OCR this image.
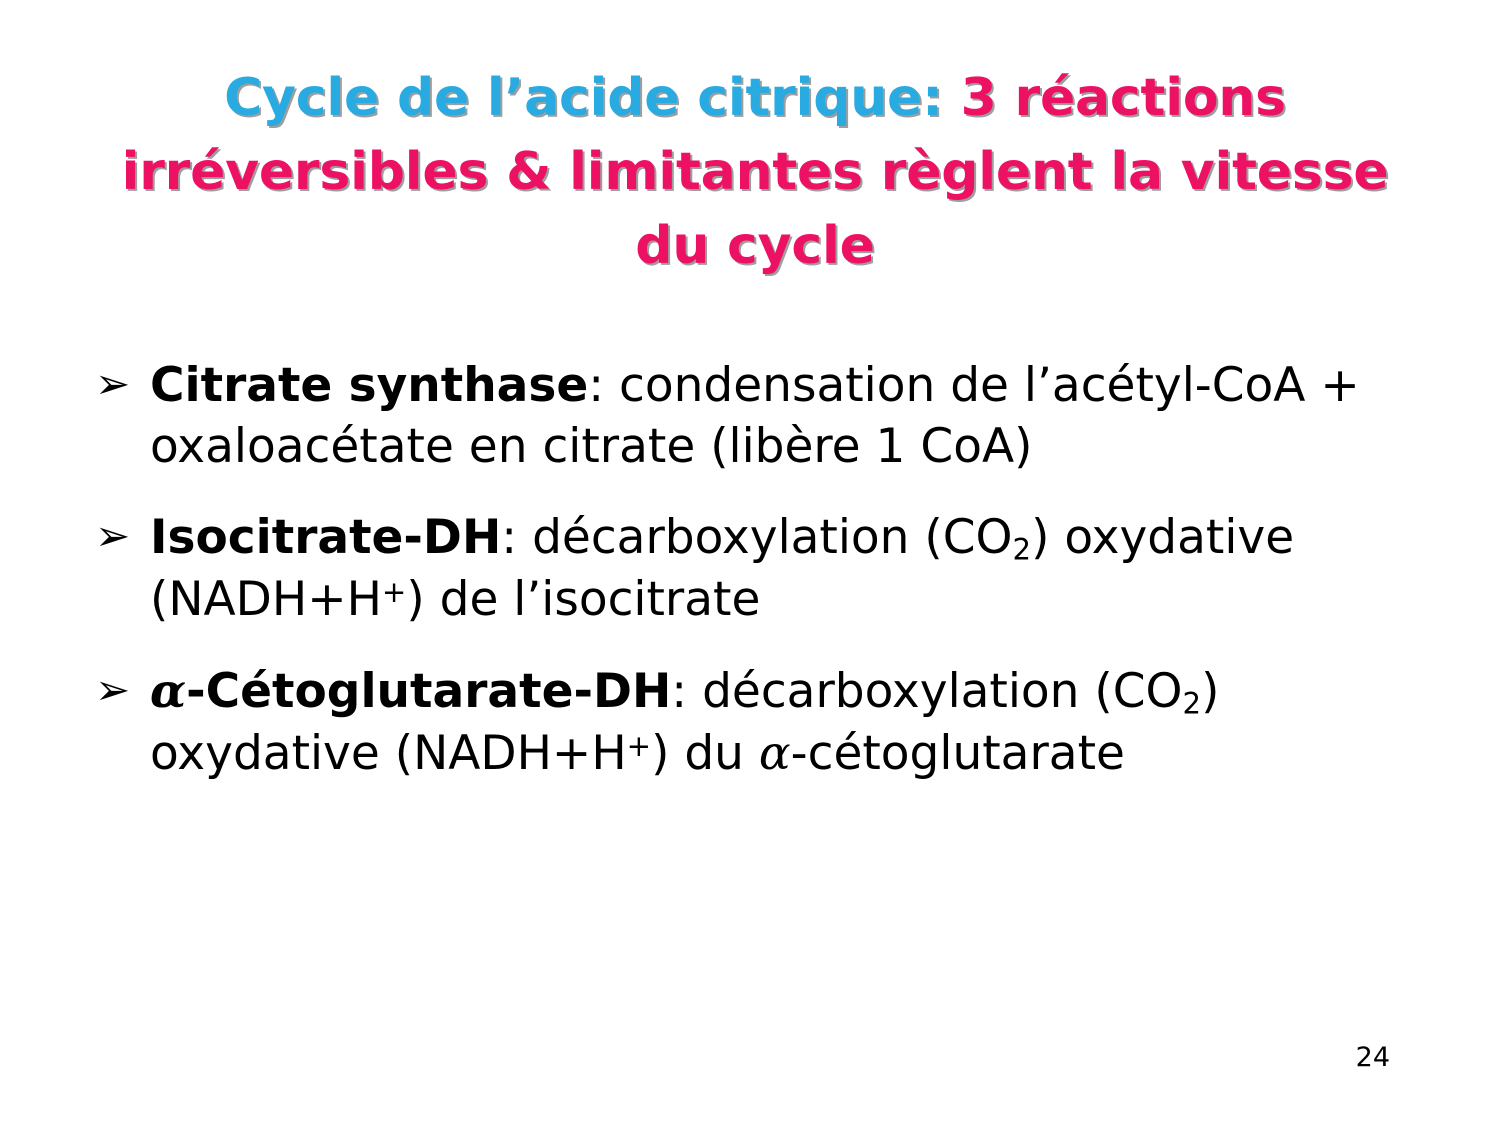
Cycle de l’acide citrique: 3 réactions irréversibles & limitantes règlent la vitesse du cycle
➢ Citrate synthase: condensation de l’acétyl-CoA + oxaloacétate en citrate (libère 1 CoA)
➢ Isocitrate-DH: décarboxylation $(CO_2)$ oxydative (NADH+H+) de l’isocitrate
➢ α-Cétoglutarate-DH: décarboxylation $(CO_2)$ oxydative (NADH+H+) du α-cétoglutarate
24
